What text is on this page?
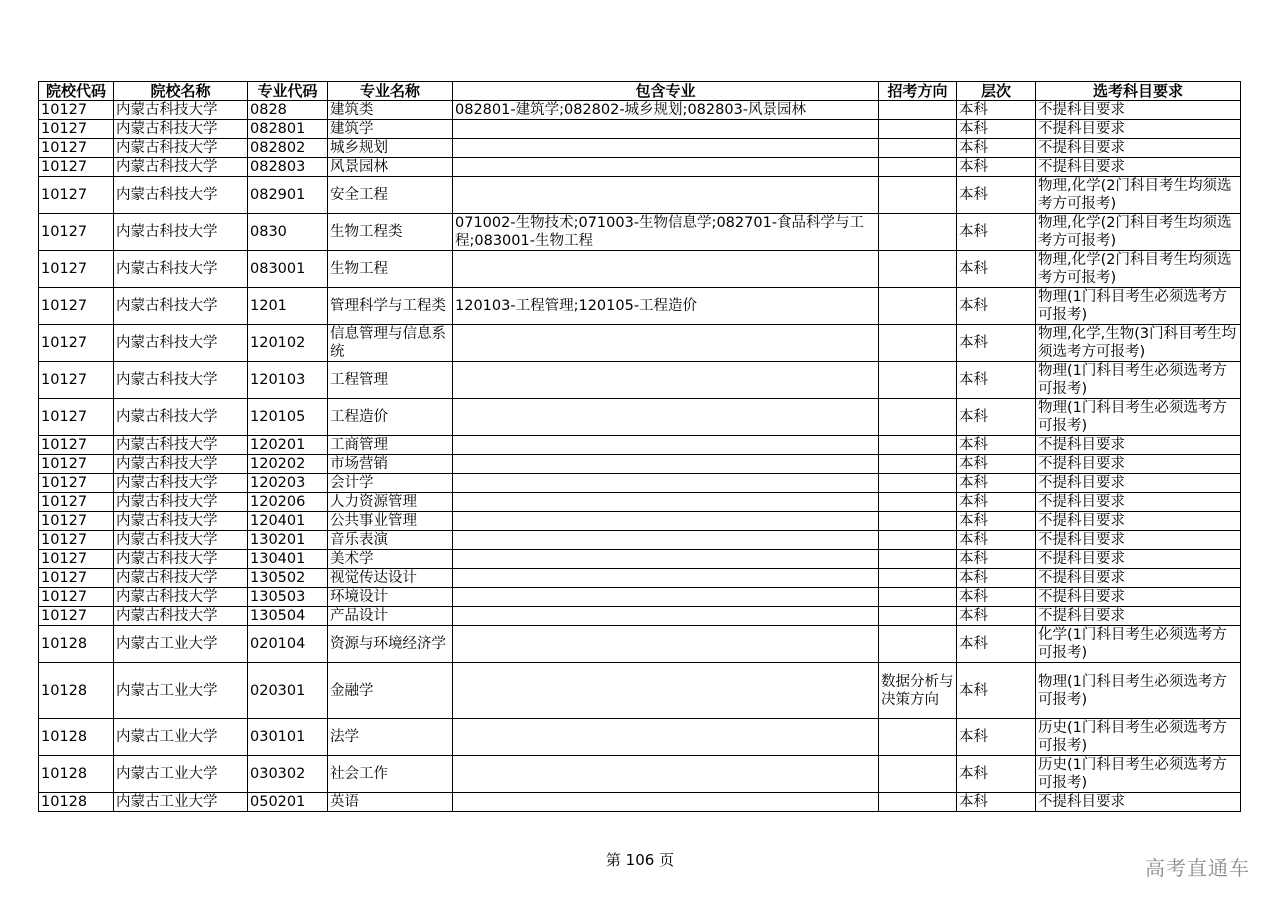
院校代码	院校名称	专业代码	专业名称	包含专业	招考方向	层次	选考科目要求
10127	内蒙古科技大学	0828	建筑类	082801-建筑学;082802-城乡规划;082803-风景园林		本科	不提科目要求
10127	内蒙古科技大学	082801	建筑学			本科	不提科目要求
10127	内蒙古科技大学	082802	城乡规划			本科	不提科目要求
10127	内蒙古科技大学	082803	风景园林			本科	不提科目要求
10127	内蒙古科技大学	082901	安全工程			本科	物理,化学(2门科目考生均须选考方可报考)
10127	内蒙古科技大学	0830	生物工程类	071002-生物技术;071003-生物信息学;082701-食品科学与工程;083001-生物工程		本科	物理,化学(2门科目考生均须选考方可报考)
10127	内蒙古科技大学	083001	生物工程			本科	物理,化学(2门科目考生均须选考方可报考)
10127	内蒙古科技大学	1201	管理科学与工程类	120103-工程管理;120105-工程造价		本科	物理(1门科目考生必须选考方可报考)
10127	内蒙古科技大学	120102	信息管理与信息系统			本科	物理,化学,生物(3门科目考生均须选考方可报考)
10127	内蒙古科技大学	120103	工程管理			本科	物理(1门科目考生必须选考方可报考)
10127	内蒙古科技大学	120105	工程造价			本科	物理(1门科目考生必须选考方可报考)
10127	内蒙古科技大学	120201	工商管理			本科	不提科目要求
10127	内蒙古科技大学	120202	市场营销			本科	不提科目要求
10127	内蒙古科技大学	120203	会计学			本科	不提科目要求
10127	内蒙古科技大学	120206	人力资源管理			本科	不提科目要求
10127	内蒙古科技大学	120401	公共事业管理			本科	不提科目要求
10127	内蒙古科技大学	130201	音乐表演			本科	不提科目要求
10127	内蒙古科技大学	130401	美术学			本科	不提科目要求
10127	内蒙古科技大学	130502	视觉传达设计			本科	不提科目要求
10127	内蒙古科技大学	130503	环境设计			本科	不提科目要求
10127	内蒙古科技大学	130504	产品设计			本科	不提科目要求
10128	内蒙古工业大学	020104	资源与环境经济学			本科	化学(1门科目考生必须选考方可报考)
10128	内蒙古工业大学	020301	金融学		数据分析与决策方向	本科	物理(1门科目考生必须选考方可报考)
10128	内蒙古工业大学	030101	法学			本科	历史(1门科目考生必须选考方可报考)
10128	内蒙古工业大学	030302	社会工作			本科	历史(1门科目考生必须选考方可报考)
10128	内蒙古工业大学	050201	英语			本科	不提科目要求
第 106 页	高考直通车
